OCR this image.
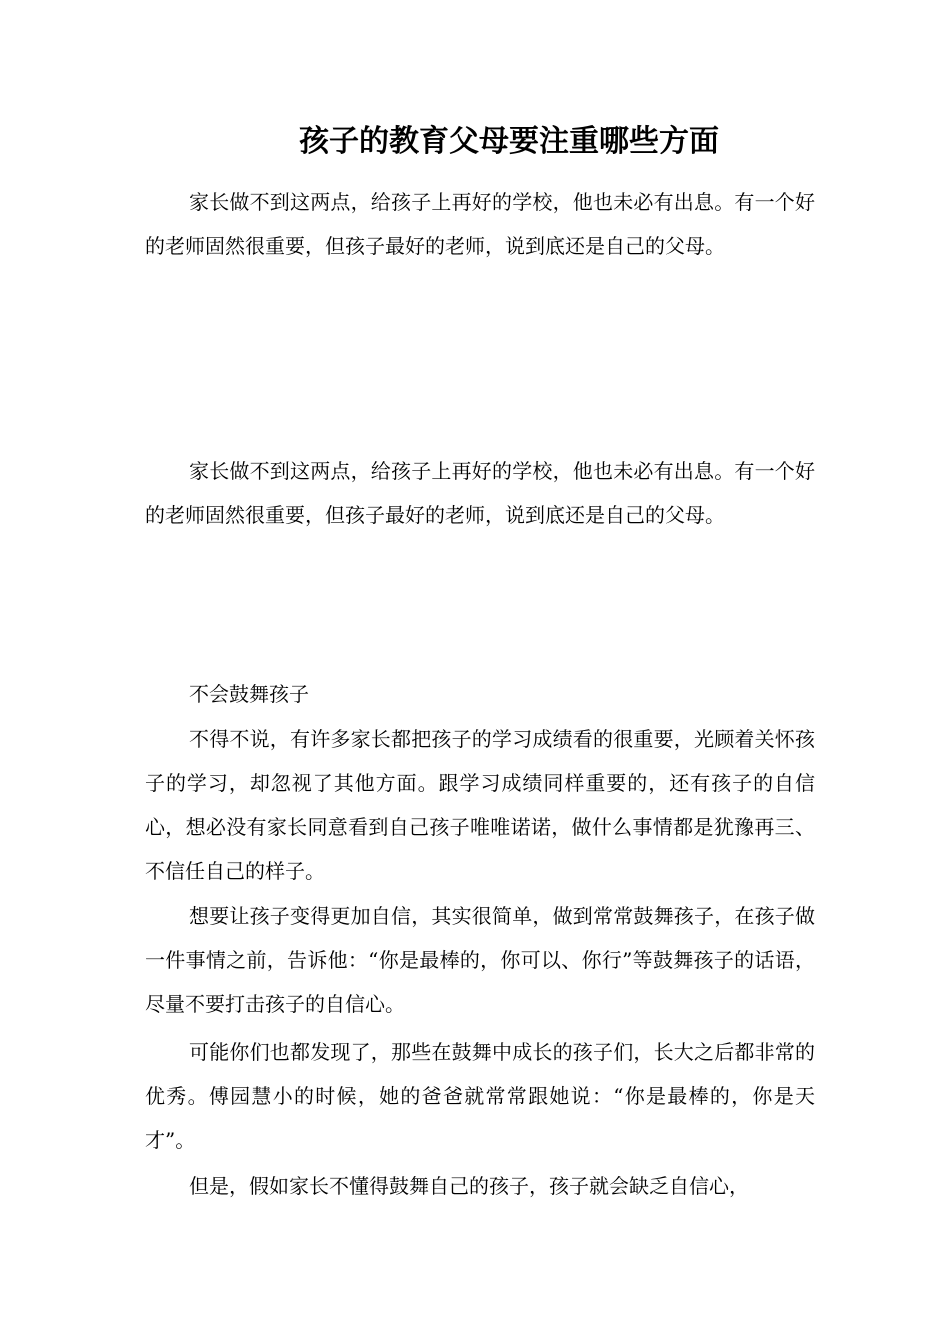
孩子的教育父母要注重哪些方面

家长做不到这两点，给孩子上再好的学校，他也未必有出息。有一个好的老师固然很重要，但孩子最好的老师，说到底还是自己的父母。

家长做不到这两点，给孩子上再好的学校，他也未必有出息。有一个好的老师固然很重要，但孩子最好的老师，说到底还是自己的父母。

不会鼓舞孩子

不得不说，有许多家长都把孩子的学习成绩看的很重要，光顾着关怀孩子的学习，却忽视了其他方面。跟学习成绩同样重要的，还有孩子的自信心，想必没有家长同意看到自己孩子唯唯诺诺，做什么事情都是犹豫再三、不信任自己的样子。

想要让孩子变得更加自信，其实很简单，做到常常鼓舞孩子，在孩子做一件事情之前，告诉他：“你是最棒的，你可以、你行”等鼓舞孩子的话语，尽量不要打击孩子的自信心。

可能你们也都发现了，那些在鼓舞中成长的孩子们，长大之后都非常的优秀。傅园慧小的时候，她的爸爸就常常跟她说：“你是最棒的，你是天才”。

但是，假如家长不懂得鼓舞自己的孩子，孩子就会缺乏自信心，
